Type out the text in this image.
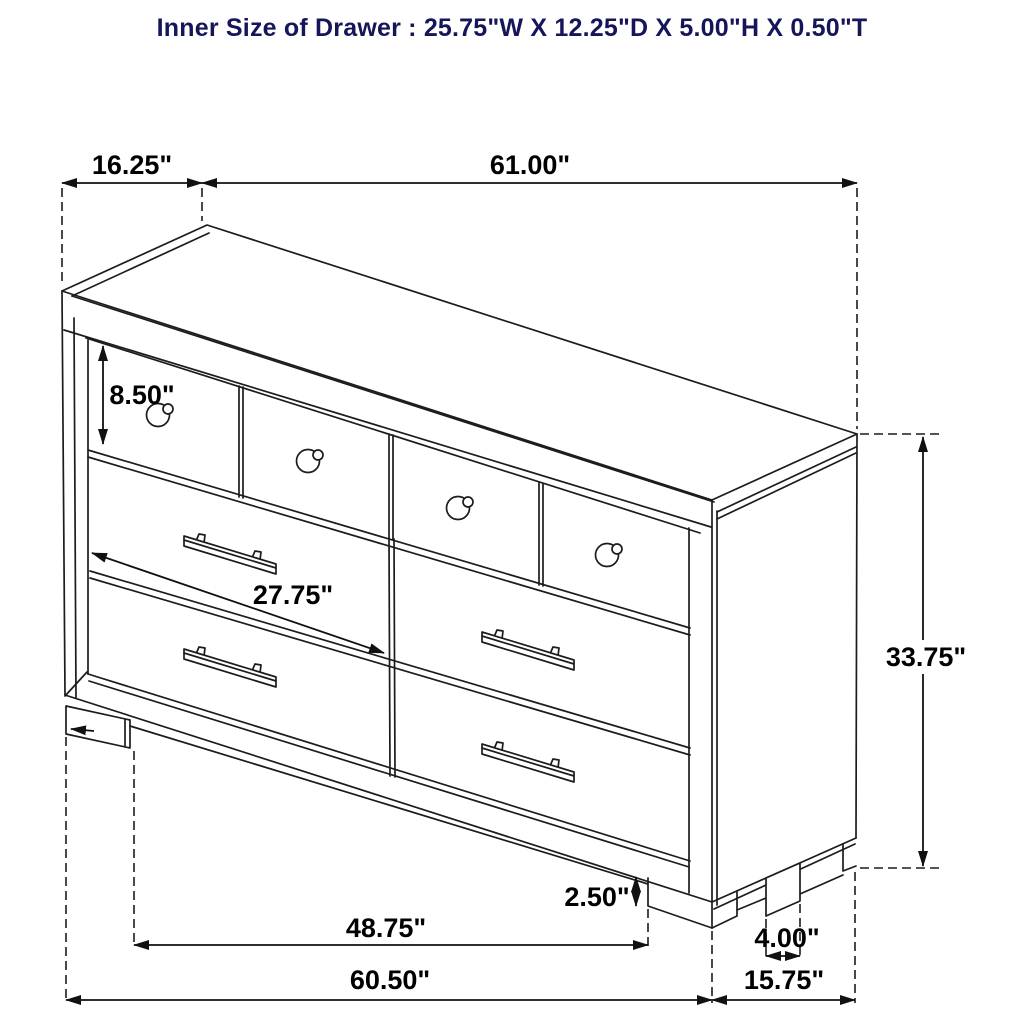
Inner Size of Drawer : 25.75"W X 12.25"D X 5.00"H X 0.50"T
16.25"	61.00"
8.50"
27.75"
33.75"
2.50"
48.75"	4.00"
60.50"	15.75"
